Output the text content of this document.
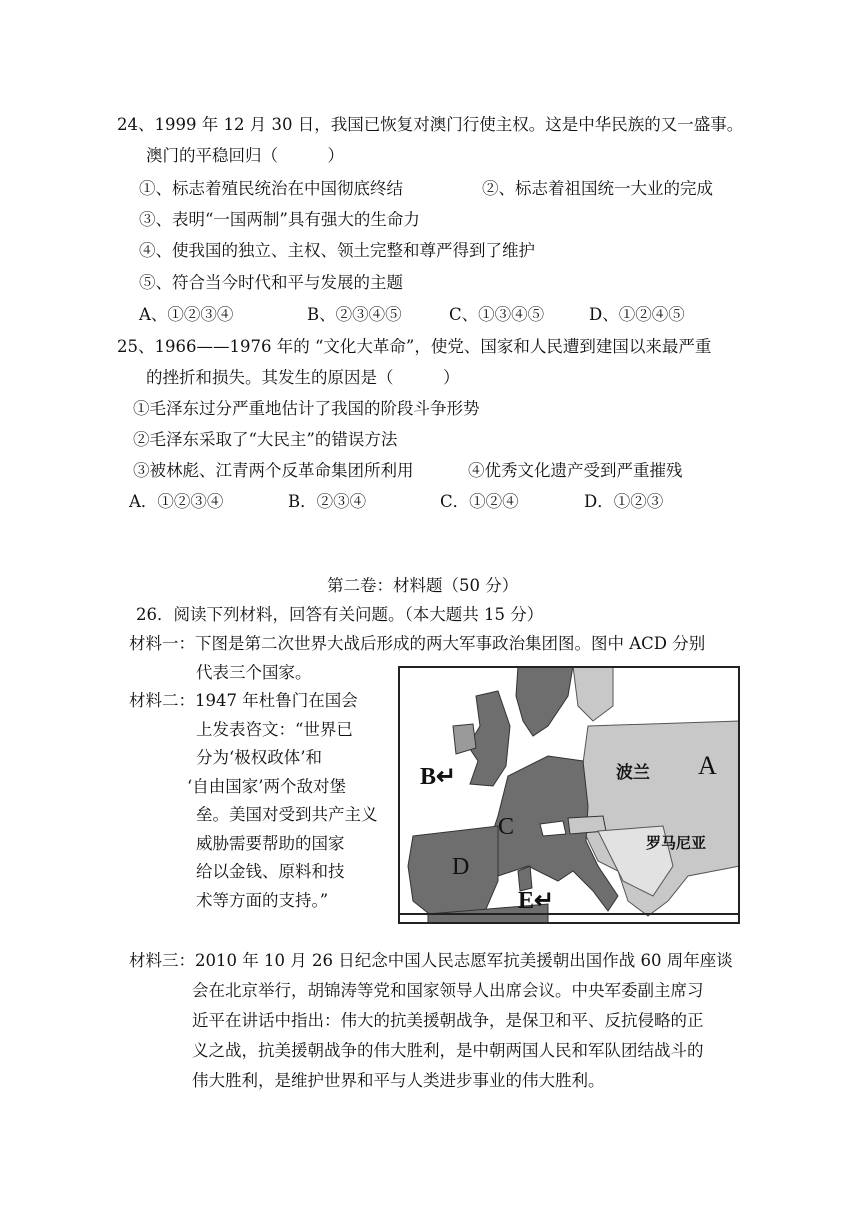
24、1999 年 12 月 30 日，我国已恢复对澳门行使主权。这是中华民族的又一盛事。
澳门的平稳回归（　　　）
①、标志着殖民统治在中国彻底终结	②、标志着祖国统一大业的完成
③、表明“一国两制”具有强大的生命力
④、使我国的独立、主权、领土完整和尊严得到了维护
⑤、符合当今时代和平与发展的主题
A、①②③④	B、②③④⑤	C、①③④⑤	D、①②④⑤
25、1966——1976 年的 “文化大革命”，使党、国家和人民遭到建国以来最严重
的挫折和损失。其发生的原因是（　　　）
①毛泽东过分严重地估计了我国的阶段斗争形势
②毛泽东采取了“大民主”的错误方法
③被林彪、江青两个反革命集团所利用	④优秀文化遗产受到严重摧残
A．①②③④	B．②③④	C．①②④	D．①②③
第二卷：材料题（50 分）
26．阅读下列材料，回答有关问题。（本大题共 15 分）
材料一：下图是第二次世界大战后形成的两大军事政治集团图。图中 ACD 分别
代表三个国家。
材料二：1947 年杜鲁门在国会
上发表咨文：“世界已
分为‘极权政体’和
‘自由国家’两个敌对堡
垒。美国对受到共产主义
威胁需要帮助的国家
给以金钱、原料和技
术等方面的支持。”
A
B↵
C
D
E↵
波兰
罗马尼亚
材料三：2010 年 10 月 26 日纪念中国人民志愿军抗美援朝出国作战 60 周年座谈
会在北京举行，胡锦涛等党和国家领导人出席会议。中央军委副主席习
近平在讲话中指出：伟大的抗美援朝战争，是保卫和平、反抗侵略的正
义之战，抗美援朝战争的伟大胜利，是中朝两国人民和军队团结战斗的
伟大胜利，是维护世界和平与人类进步事业的伟大胜利。
